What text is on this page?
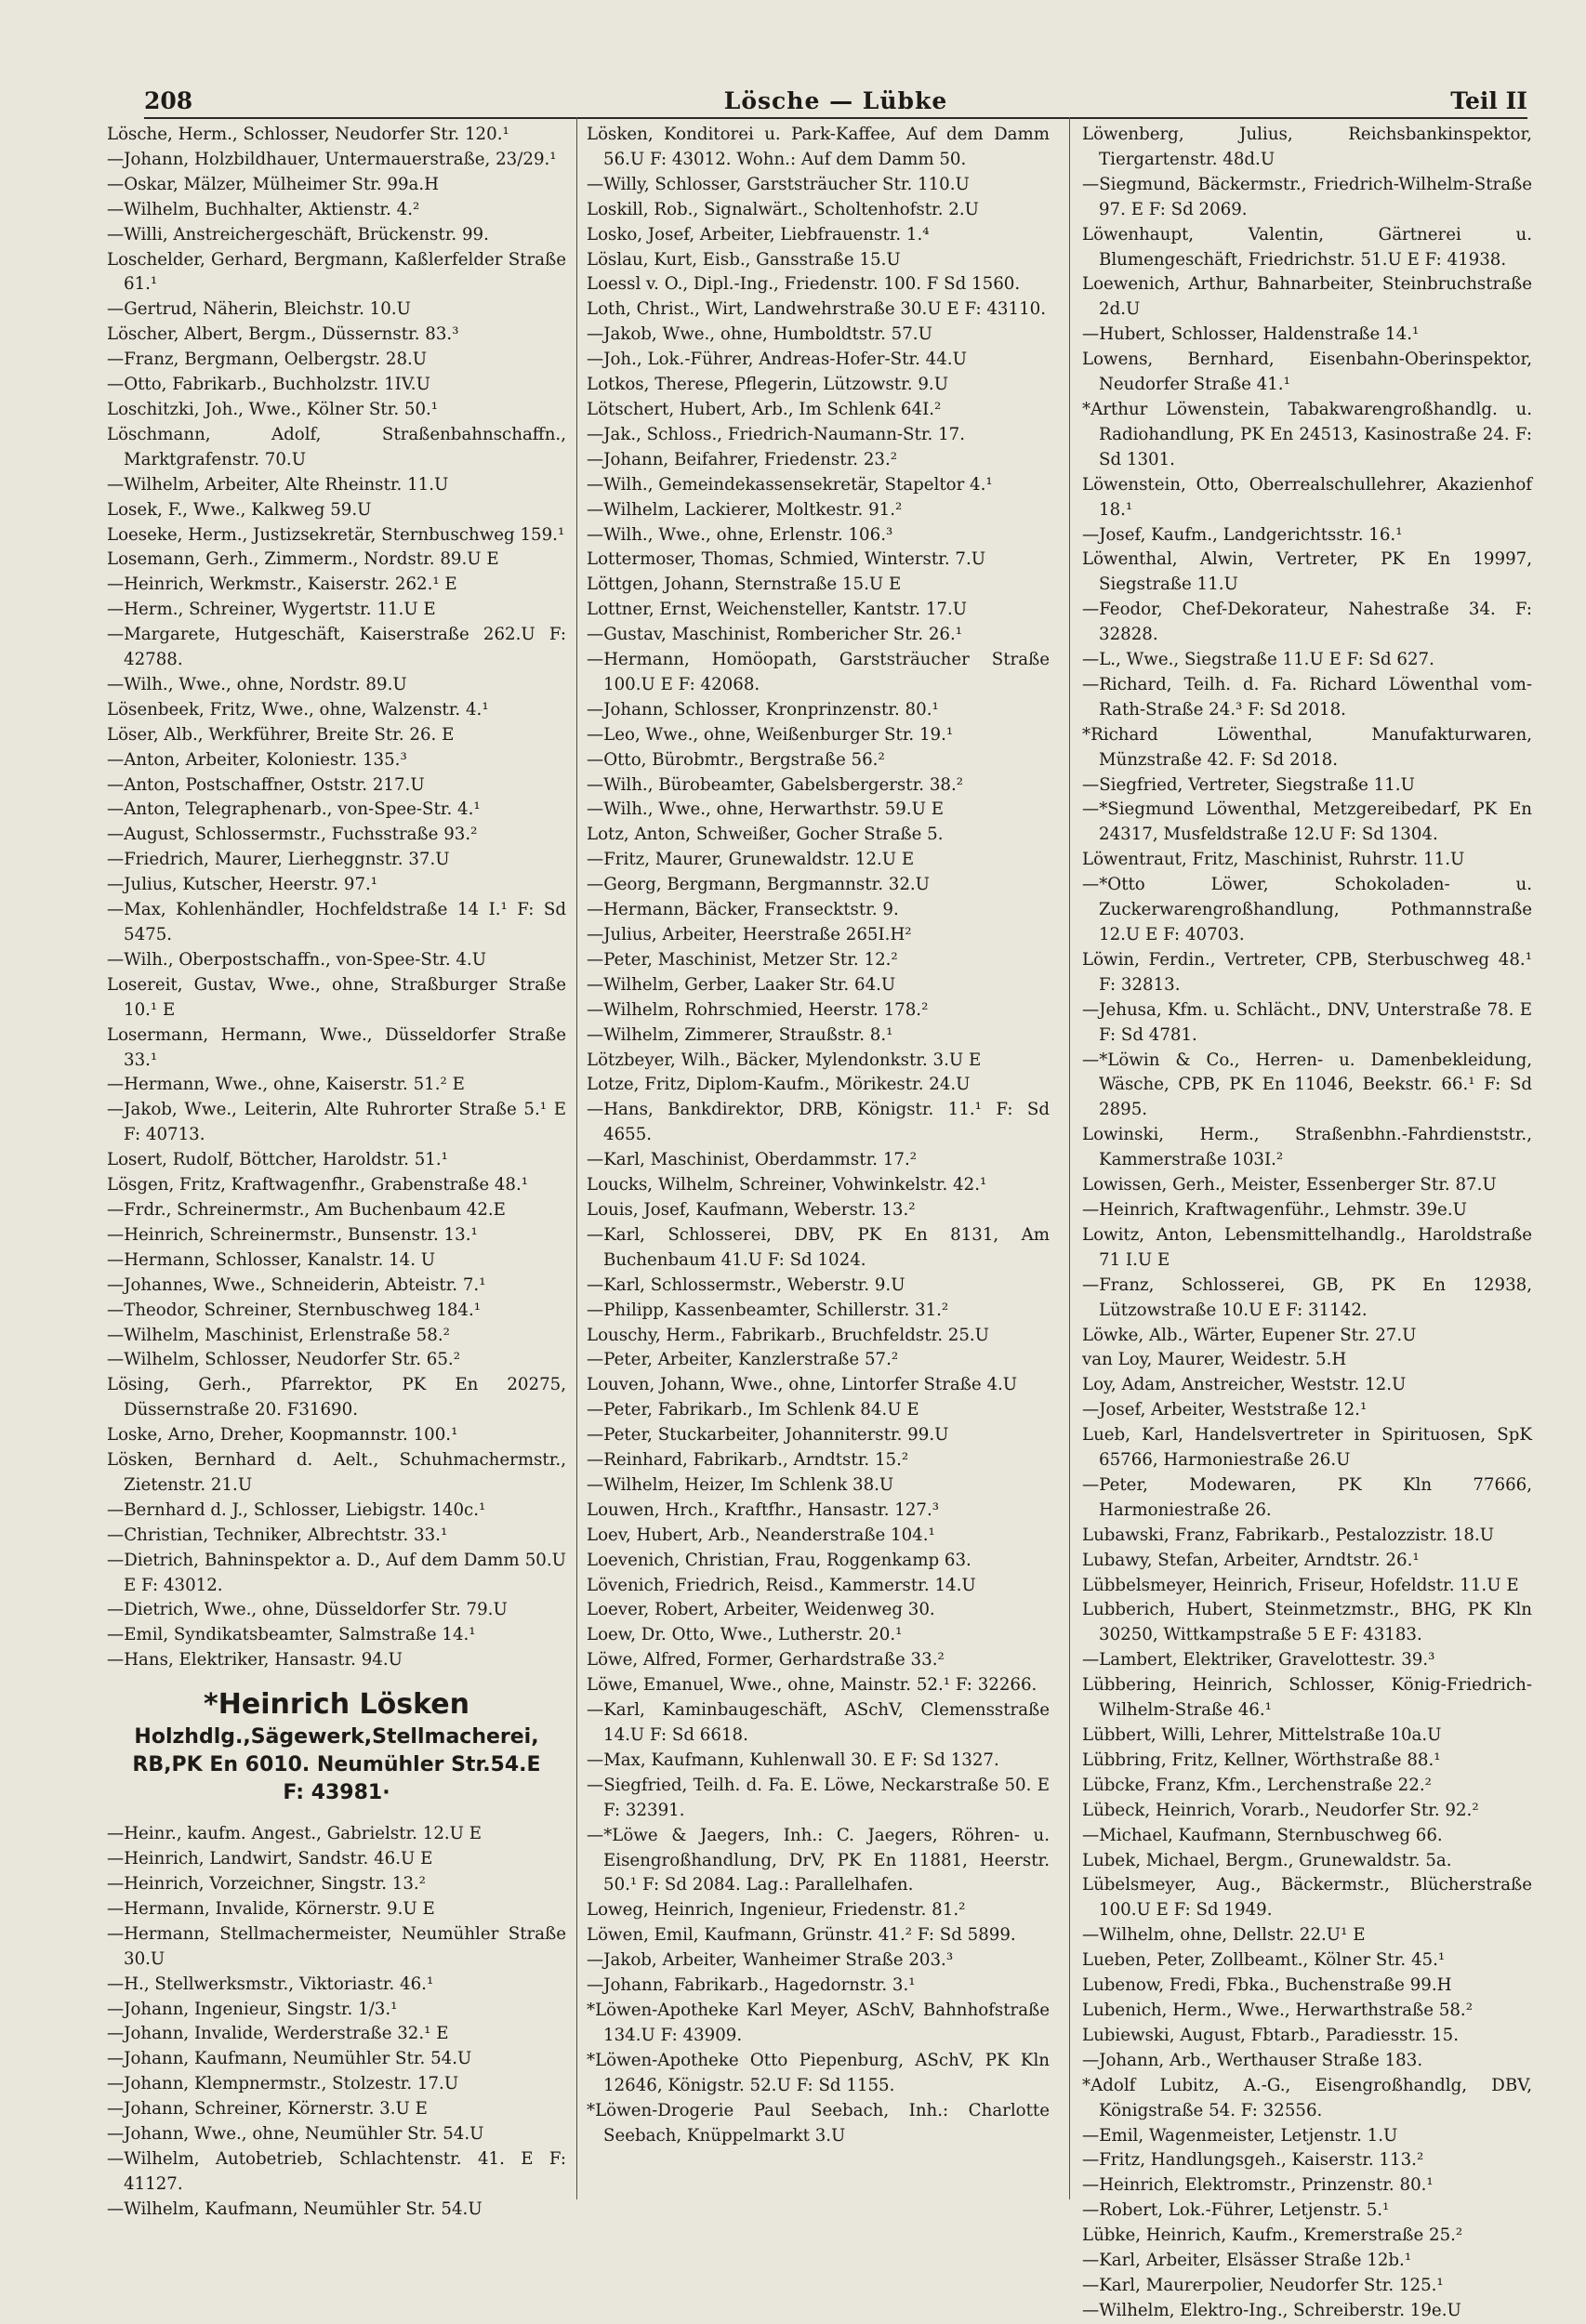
208	Lösche — Lübke	Teil II
Lösche, Herm., Schlosser, Neudorfer Str. 120.¹
—Johann, Holzbildhauer, Untermauerstraße, 23/29.¹
—Oskar, Mälzer, Mülheimer Str. 99a.H
—Wilhelm, Buchhalter, Aktienstr. 4.²
—Willi, Anstreichergeschäft, Brückenstr. 99.
Loschelder, Gerhard, Bergmann, Kaßlerfelder Straße 61.¹
—Gertrud, Näherin, Bleichstr. 10.U
Löscher, Albert, Bergm., Düssernstr. 83.³
—Franz, Bergmann, Oelbergstr. 28.U
—Otto, Fabrikarb., Buchholzstr. 1IV.U
Loschitzki, Joh., Wwe., Kölner Str. 50.¹
Löschmann, Adolf, Straßenbahnschaffn., Marktgrafenstr. 70.U
—Wilhelm, Arbeiter, Alte Rheinstr. 11.U
Losek, F., Wwe., Kalkweg 59.U
Loeseke, Herm., Justizsekretär, Sternbuschweg 159.¹
Losemann, Gerh., Zimmerm., Nordstr. 89.U E
—Heinrich, Werkmstr., Kaiserstr. 262.¹ E
—Herm., Schreiner, Wygertstr. 11.U E
—Margarete, Hutgeschäft, Kaiserstraße 262.U F: 42788.
—Wilh., Wwe., ohne, Nordstr. 89.U
Lösenbeek, Fritz, Wwe., ohne, Walzenstr. 4.¹
Löser, Alb., Werkführer, Breite Str. 26. E
—Anton, Arbeiter, Koloniestr. 135.³
—Anton, Postschaffner, Oststr. 217.U
—Anton, Telegraphenarb., von-Spee-Str. 4.¹
—August, Schlossermstr., Fuchsstraße 93.²
—Friedrich, Maurer, Lierheggnstr. 37.U
—Julius, Kutscher, Heerstr. 97.¹
—Max, Kohlenhändler, Hochfeldstraße 14 I.¹ F: Sd 5475.
—Wilh., Oberpostschaffn., von-Spee-Str. 4.U
Losereit, Gustav, Wwe., ohne, Straßburger Straße 10.¹ E
Losermann, Hermann, Wwe., Düsseldorfer Straße 33.¹
—Hermann, Wwe., ohne, Kaiserstr. 51.² E
—Jakob, Wwe., Leiterin, Alte Ruhrorter Straße 5.¹ E F: 40713.
Losert, Rudolf, Böttcher, Haroldstr. 51.¹
Lösgen, Fritz, Kraftwagenfhr., Grabenstraße 48.¹
—Frdr., Schreinermstr., Am Buchenbaum 42.E
—Heinrich, Schreinermstr., Bunsenstr. 13.¹
—Hermann, Schlosser, Kanalstr. 14. U
—Johannes, Wwe., Schneiderin, Abteistr. 7.¹
—Theodor, Schreiner, Sternbuschweg 184.¹
—Wilhelm, Maschinist, Erlenstraße 58.²
—Wilhelm, Schlosser, Neudorfer Str. 65.²
Lösing, Gerh., Pfarrektor, PK En 20275, Düssernstraße 20. F31690.
Loske, Arno, Dreher, Koopmannstr. 100.¹
Lösken, Bernhard d. Aelt., Schuhmachermstr., Zietenstr. 21.U
—Bernhard d. J., Schlosser, Liebigstr. 140c.¹
—Christian, Techniker, Albrechtstr. 33.¹
—Dietrich, Bahninspektor a. D., Auf dem Damm 50.U E F: 43012.
—Dietrich, Wwe., ohne, Düsseldorfer Str. 79.U
—Emil, Syndikatsbeamter, Salmstraße 14.¹
—Hans, Elektriker, Hansastr. 94.U
*Heinrich Lösken
Holzhdlg.,Sägewerk,Stellmacherei,
RB,PK En 6010. Neumühler Str.54.E
F: 43981·
—Heinr., kaufm. Angest., Gabrielstr. 12.U E
—Heinrich, Landwirt, Sandstr. 46.U E
—Heinrich, Vorzeichner, Singstr. 13.²
—Hermann, Invalide, Körnerstr. 9.U E
—Hermann, Stellmachermeister, Neumühler Straße 30.U
—H., Stellwerksmstr., Viktoriastr. 46.¹
—Johann, Ingenieur, Singstr. 1/3.¹
—Johann, Invalide, Werderstraße 32.¹ E
—Johann, Kaufmann, Neumühler Str. 54.U
—Johann, Klempnermstr., Stolzestr. 17.U
—Johann, Schreiner, Körnerstr. 3.U E
—Johann, Wwe., ohne, Neumühler Str. 54.U
—Wilhelm, Autobetrieb, Schlachtenstr. 41. E F: 41127.
—Wilhelm, Kaufmann, Neumühler Str. 54.U
Lösken, Konditorei u. Park-Kaffee, Auf dem Damm 56.U F: 43012. Wohn.: Auf dem Damm 50.
—Willy, Schlosser, Garststräucher Str. 110.U
Loskill, Rob., Signalwärt., Scholtenhofstr. 2.U
Losko, Josef, Arbeiter, Liebfrauenstr. 1.⁴
Löslau, Kurt, Eisb., Gansstraße 15.U
Loessl v. O., Dipl.-Ing., Friedenstr. 100. F Sd 1560.
Loth, Christ., Wirt, Landwehrstraße 30.U E F: 43110.
—Jakob, Wwe., ohne, Humboldtstr. 57.U
—Joh., Lok.-Führer, Andreas-Hofer-Str. 44.U
Lotkos, Therese, Pflegerin, Lützowstr. 9.U
Lötschert, Hubert, Arb., Im Schlenk 64I.²
—Jak., Schloss., Friedrich-Naumann-Str. 17.
—Johann, Beifahrer, Friedenstr. 23.²
—Wilh., Gemeindekassensekretär, Stapeltor 4.¹
—Wilhelm, Lackierer, Moltkestr. 91.²
—Wilh., Wwe., ohne, Erlenstr. 106.³
Lottermoser, Thomas, Schmied, Winterstr. 7.U
Löttgen, Johann, Sternstraße 15.U E
Lottner, Ernst, Weichensteller, Kantstr. 17.U
—Gustav, Maschinist, Rombericher Str. 26.¹
—Hermann, Homöopath, Garststräucher Straße 100.U E F: 42068.
—Johann, Schlosser, Kronprinzenstr. 80.¹
—Leo, Wwe., ohne, Weißenburger Str. 19.¹
—Otto, Bürobmtr., Bergstraße 56.²
—Wilh., Bürobeamter, Gabelsbergerstr. 38.²
—Wilh., Wwe., ohne, Herwarthstr. 59.U E
Lotz, Anton, Schweißer, Gocher Straße 5.
—Fritz, Maurer, Grunewaldstr. 12.U E
—Georg, Bergmann, Bergmannstr. 32.U
—Hermann, Bäcker, Fransecktstr. 9.
—Julius, Arbeiter, Heerstraße 265I.H²
—Peter, Maschinist, Metzer Str. 12.²
—Wilhelm, Gerber, Laaker Str. 64.U
—Wilhelm, Rohrschmied, Heerstr. 178.²
—Wilhelm, Zimmerer, Straußstr. 8.¹
Lötzbeyer, Wilh., Bäcker, Mylendonkstr. 3.U E
Lotze, Fritz, Diplom-Kaufm., Mörikestr. 24.U
—Hans, Bankdirektor, DRB, Königstr. 11.¹ F: Sd 4655.
—Karl, Maschinist, Oberdammstr. 17.²
Loucks, Wilhelm, Schreiner, Vohwinkelstr. 42.¹
Louis, Josef, Kaufmann, Weberstr. 13.²
—Karl, Schlosserei, DBV, PK En 8131, Am Buchenbaum 41.U F: Sd 1024.
—Karl, Schlossermstr., Weberstr. 9.U
—Philipp, Kassenbeamter, Schillerstr. 31.²
Louschy, Herm., Fabrikarb., Bruchfeldstr. 25.U
—Peter, Arbeiter, Kanzlerstraße 57.²
Louven, Johann, Wwe., ohne, Lintorfer Straße 4.U
—Peter, Fabrikarb., Im Schlenk 84.U E
—Peter, Stuckarbeiter, Johanniterstr. 99.U
—Reinhard, Fabrikarb., Arndtstr. 15.²
—Wilhelm, Heizer, Im Schlenk 38.U
Louwen, Hrch., Kraftfhr., Hansastr. 127.³
Loev, Hubert, Arb., Neanderstraße 104.¹
Loevenich, Christian, Frau, Roggenkamp 63.
Lövenich, Friedrich, Reisd., Kammerstr. 14.U
Loever, Robert, Arbeiter, Weidenweg 30.
Loew, Dr. Otto, Wwe., Lutherstr. 20.¹
Löwe, Alfred, Former, Gerhardstraße 33.²
Löwe, Emanuel, Wwe., ohne, Mainstr. 52.¹ F: 32266.
—Karl, Kaminbaugeschäft, ASchV, Clemensstraße 14.U F: Sd 6618.
—Max, Kaufmann, Kuhlenwall 30. E F: Sd 1327.
—Siegfried, Teilh. d. Fa. E. Löwe, Neckarstraße 50. E F: 32391.
—*Löwe & Jaegers, Inh.: C. Jaegers, Röhren- u. Eisengroßhandlung, DrV, PK En 11881, Heerstr. 50.¹ F: Sd 2084. Lag.: Parallelhafen.
Loweg, Heinrich, Ingenieur, Friedenstr. 81.²
Löwen, Emil, Kaufmann, Grünstr. 41.² F: Sd 5899.
—Jakob, Arbeiter, Wanheimer Straße 203.³
—Johann, Fabrikarb., Hagedornstr. 3.¹
*Löwen-Apotheke Karl Meyer, ASchV, Bahnhofstraße 134.U F: 43909.
*Löwen-Apotheke Otto Piepenburg, ASchV, PK Kln 12646, Königstr. 52.U F: Sd 1155.
*Löwen-Drogerie Paul Seebach, Inh.: Charlotte Seebach, Knüppelmarkt 3.U
Löwenberg, Julius, Reichsbankinspektor, Tiergartenstr. 48d.U
—Siegmund, Bäckermstr., Friedrich-Wilhelm-Straße 97. E F: Sd 2069.
Löwenhaupt, Valentin, Gärtnerei u. Blumengeschäft, Friedrichstr. 51.U E F: 41938.
Loewenich, Arthur, Bahnarbeiter, Steinbruchstraße 2d.U
—Hubert, Schlosser, Haldenstraße 14.¹
Lowens, Bernhard, Eisenbahn-Oberinspektor, Neudorfer Straße 41.¹
*Arthur Löwenstein, Tabakwarengroßhandlg. u. Radiohandlung, PK En 24513, Kasinostraße 24. F: Sd 1301.
Löwenstein, Otto, Oberrealschullehrer, Akazienhof 18.¹
—Josef, Kaufm., Landgerichtsstr. 16.¹
Löwenthal, Alwin, Vertreter, PK En 19997, Siegstraße 11.U
—Feodor, Chef-Dekorateur, Nahestraße 34. F: 32828.
—L., Wwe., Siegstraße 11.U E F: Sd 627.
—Richard, Teilh. d. Fa. Richard Löwenthal vom-Rath-Straße 24.³ F: Sd 2018.
*Richard Löwenthal, Manufakturwaren, Münzstraße 42. F: Sd 2018.
—Siegfried, Vertreter, Siegstraße 11.U
—*Siegmund Löwenthal, Metzgereibedarf, PK En 24317, Musfeldstraße 12.U F: Sd 1304.
Löwentraut, Fritz, Maschinist, Ruhrstr. 11.U
—*Otto Löwer, Schokoladen- u. Zuckerwarengroßhandlung, Pothmannstraße 12.U E F: 40703.
Löwin, Ferdin., Vertreter, CPB, Sterbuschweg 48.¹ F: 32813.
—Jehusa, Kfm. u. Schlächt., DNV, Unterstraße 78. E F: Sd 4781.
—*Löwin & Co., Herren- u. Damenbekleidung, Wäsche, CPB, PK En 11046, Beekstr. 66.¹ F: Sd 2895.
Lowinski, Herm., Straßenbhn.-Fahrdienststr., Kammerstraße 103I.²
Lowissen, Gerh., Meister, Essenberger Str. 87.U
—Heinrich, Kraftwagenführ., Lehmstr. 39e.U
Lowitz, Anton, Lebensmittelhandlg., Haroldstraße 71 I.U E
—Franz, Schlosserei, GB, PK En 12938, Lützowstraße 10.U E F: 31142.
Löwke, Alb., Wärter, Eupener Str. 27.U
van Loy, Maurer, Weidestr. 5.H
Loy, Adam, Anstreicher, Weststr. 12.U
—Josef, Arbeiter, Weststraße 12.¹
Lueb, Karl, Handelsvertreter in Spirituosen, SpK 65766, Harmoniestraße 26.U
—Peter, Modewaren, PK Kln 77666, Harmoniestraße 26.
Lubawski, Franz, Fabrikarb., Pestalozzistr. 18.U
Lubawy, Stefan, Arbeiter, Arndtstr. 26.¹
Lübbelsmeyer, Heinrich, Friseur, Hofeldstr. 11.U E
Lubberich, Hubert, Steinmetzmstr., BHG, PK Kln 30250, Wittkampstraße 5 E F: 43183.
—Lambert, Elektriker, Gravelottestr. 39.³
Lübbering, Heinrich, Schlosser, König-Friedrich-Wilhelm-Straße 46.¹
Lübbert, Willi, Lehrer, Mittelstraße 10a.U
Lübbring, Fritz, Kellner, Wörthstraße 88.¹
Lübcke, Franz, Kfm., Lerchenstraße 22.²
Lübeck, Heinrich, Vorarb., Neudorfer Str. 92.²
—Michael, Kaufmann, Sternbuschweg 66.
Lubek, Michael, Bergm., Grunewaldstr. 5a.
Lübelsmeyer, Aug., Bäckermstr., Blücherstraße 100.U E F: Sd 1949.
—Wilhelm, ohne, Dellstr. 22.U¹ E
Lueben, Peter, Zollbeamt., Kölner Str. 45.¹
Lubenow, Fredi, Fbka., Buchenstraße 99.H
Lubenich, Herm., Wwe., Herwarthstraße 58.²
Lubiewski, August, Fbtarb., Paradiesstr. 15.
—Johann, Arb., Werthauser Straße 183.
*Adolf Lubitz, A.-G., Eisengroßhandlg, DBV, Königstraße 54. F: 32556.
—Emil, Wagenmeister, Letjenstr. 1.U
—Fritz, Handlungsgeh., Kaiserstr. 113.²
—Heinrich, Elektromstr., Prinzenstr. 80.¹
—Robert, Lok.-Führer, Letjenstr. 5.¹
Lübke, Heinrich, Kaufm., Kremerstraße 25.²
—Karl, Arbeiter, Elsässer Straße 12b.¹
—Karl, Maurerpolier, Neudorfer Str. 125.¹
—Wilhelm, Elektro-Ing., Schreiberstr. 19e.U
